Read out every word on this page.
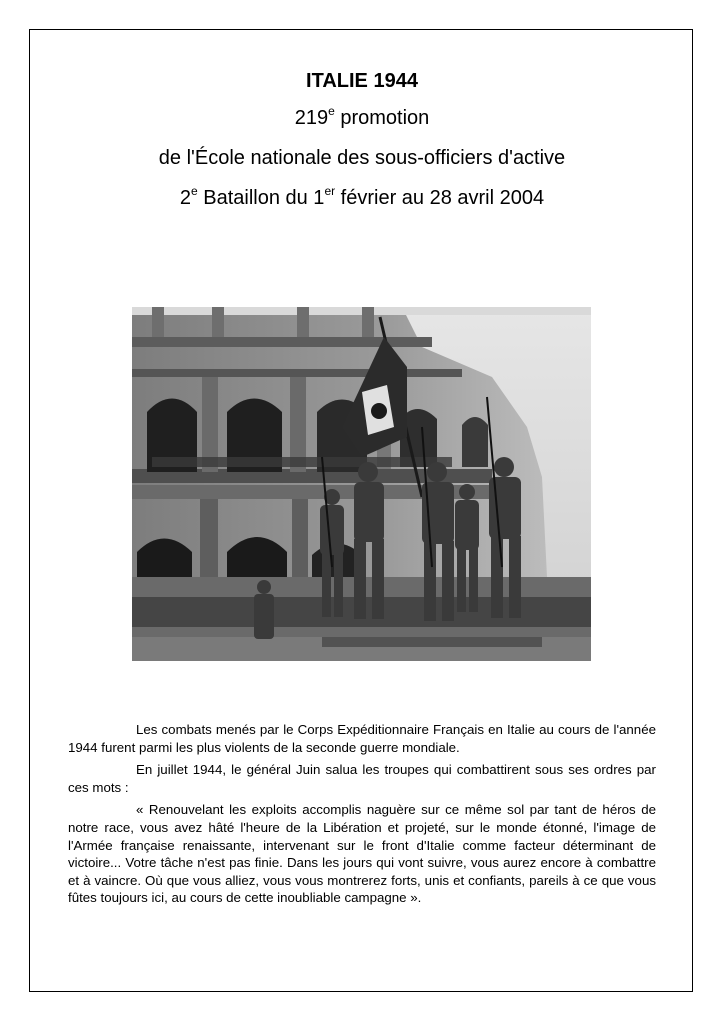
ITALIE 1944
219e promotion
de l'École nationale des sous-officiers d'active
2e Bataillon du 1er février au 28 avril 2004

Les combats menés par le Corps Expéditionnaire Français en Italie au cours de l'année 1944 furent parmi les plus violents de la seconde guerre mondiale.

En juillet 1944, le général Juin salua les troupes qui combattirent sous ses ordres par ces mots :

« Renouvelant les exploits accomplis naguère sur ce même sol par tant de héros de notre race, vous avez hâté l'heure de la Libération et projeté, sur le monde étonné, l'image de l'Armée française renaissante, intervenant sur le front d'Italie comme facteur déterminant de victoire... Votre tâche n'est pas finie. Dans les jours qui vont suivre, vous aurez encore à combattre et à vaincre. Où que vous alliez, vous vous montrerez forts, unis et confiants, pareils à ce que vous fûtes toujours ici, au cours de cette inoubliable campagne ».
